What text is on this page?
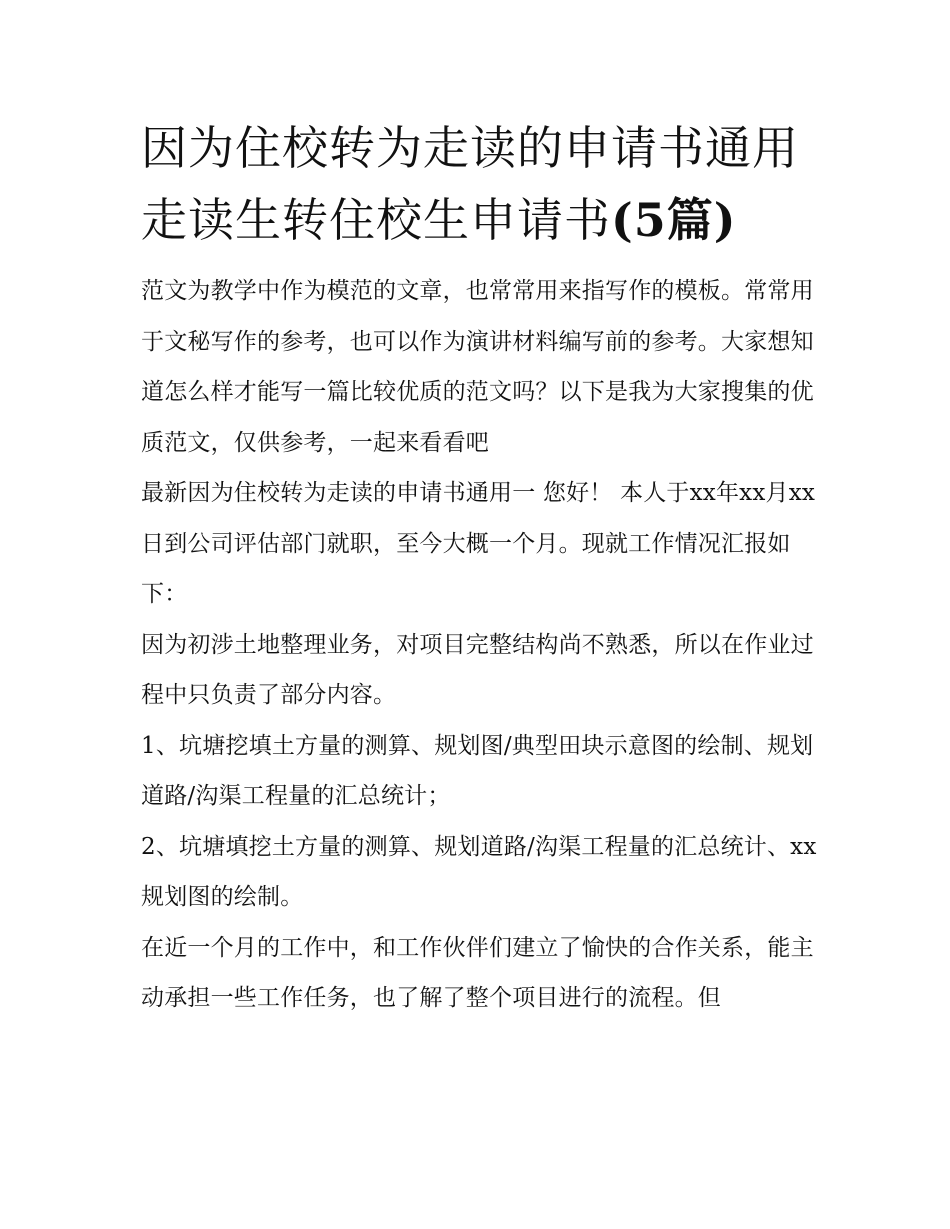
因为住校转为走读的申请书通用 走读生转住校生申请书(5篇)

范文为教学中作为模范的文章，也常常用来指写作的模板。常常用于文秘写作的参考，也可以作为演讲材料编写前的参考。大家想知道怎么样才能写一篇比较优质的范文吗？以下是我为大家搜集的优质范文，仅供参考，一起来看看吧

最新因为住校转为走读的申请书通用一 您好！ 本人于xx年xx月xx日到公司评估部门就职，至今大概一个月。现就工作情况汇报如下：

因为初涉土地整理业务，对项目完整结构尚不熟悉，所以在作业过程中只负责了部分内容。

1、坑塘挖填土方量的测算、规划图/典型田块示意图的绘制、规划道路/沟渠工程量的汇总统计；

2、坑塘填挖土方量的测算、规划道路/沟渠工程量的汇总统计、xx规划图的绘制。

在近一个月的工作中，和工作伙伴们建立了愉快的合作关系，能主动承担一些工作任务，也了解了整个项目进行的流程。但
